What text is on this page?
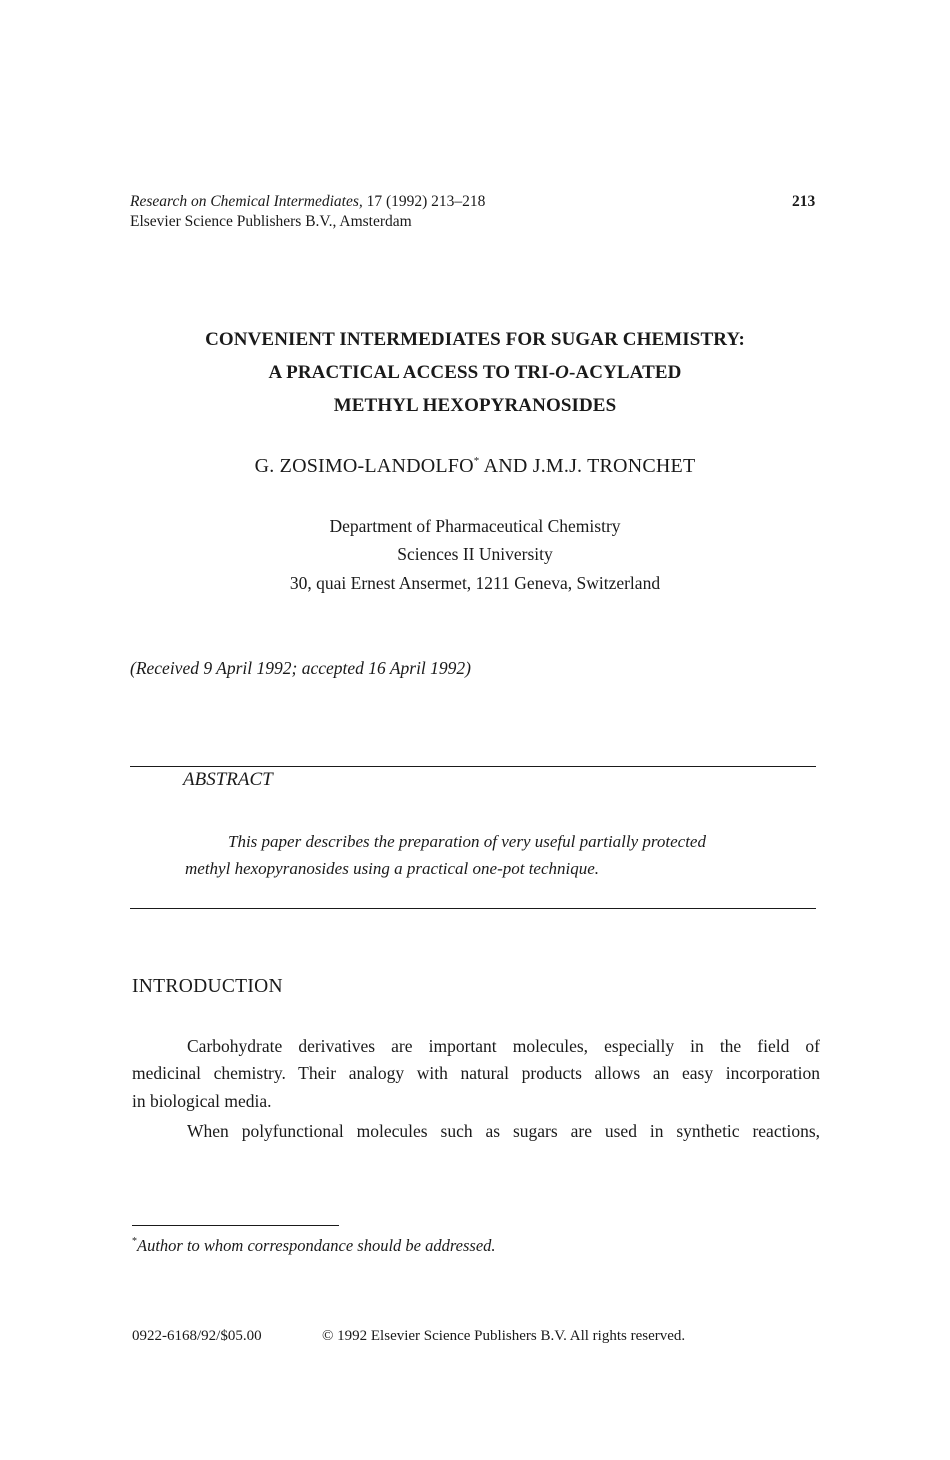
Research on Chemical Intermediates, 17 (1992) 213–218
Elsevier Science Publishers B.V., Amsterdam
213
CONVENIENT INTERMEDIATES FOR SUGAR CHEMISTRY:
A PRACTICAL ACCESS TO TRI-O-ACYLATED
METHYL HEXOPYRANOSIDES
G. ZOSIMO-LANDOLFO* AND J.M.J. TRONCHET
Department of Pharmaceutical Chemistry
Sciences II University
30, quai Ernest Ansermet, 1211 Geneva, Switzerland
(Received 9 April 1992; accepted 16 April 1992)
ABSTRACT
This paper describes the preparation of very useful partially protected
methyl hexopyranosides using a practical one-pot technique.
INTRODUCTION
Carbohydrate derivatives are important molecules, especially in the field of
medicinal chemistry. Their analogy with natural products allows an easy incorporation
in biological media.
When polyfunctional molecules such as sugars are used in synthetic reactions,
*Author to whom correspondance should be addressed.
0922-6168/92/$05.00	© 1992 Elsevier Science Publishers B.V. All rights reserved.
